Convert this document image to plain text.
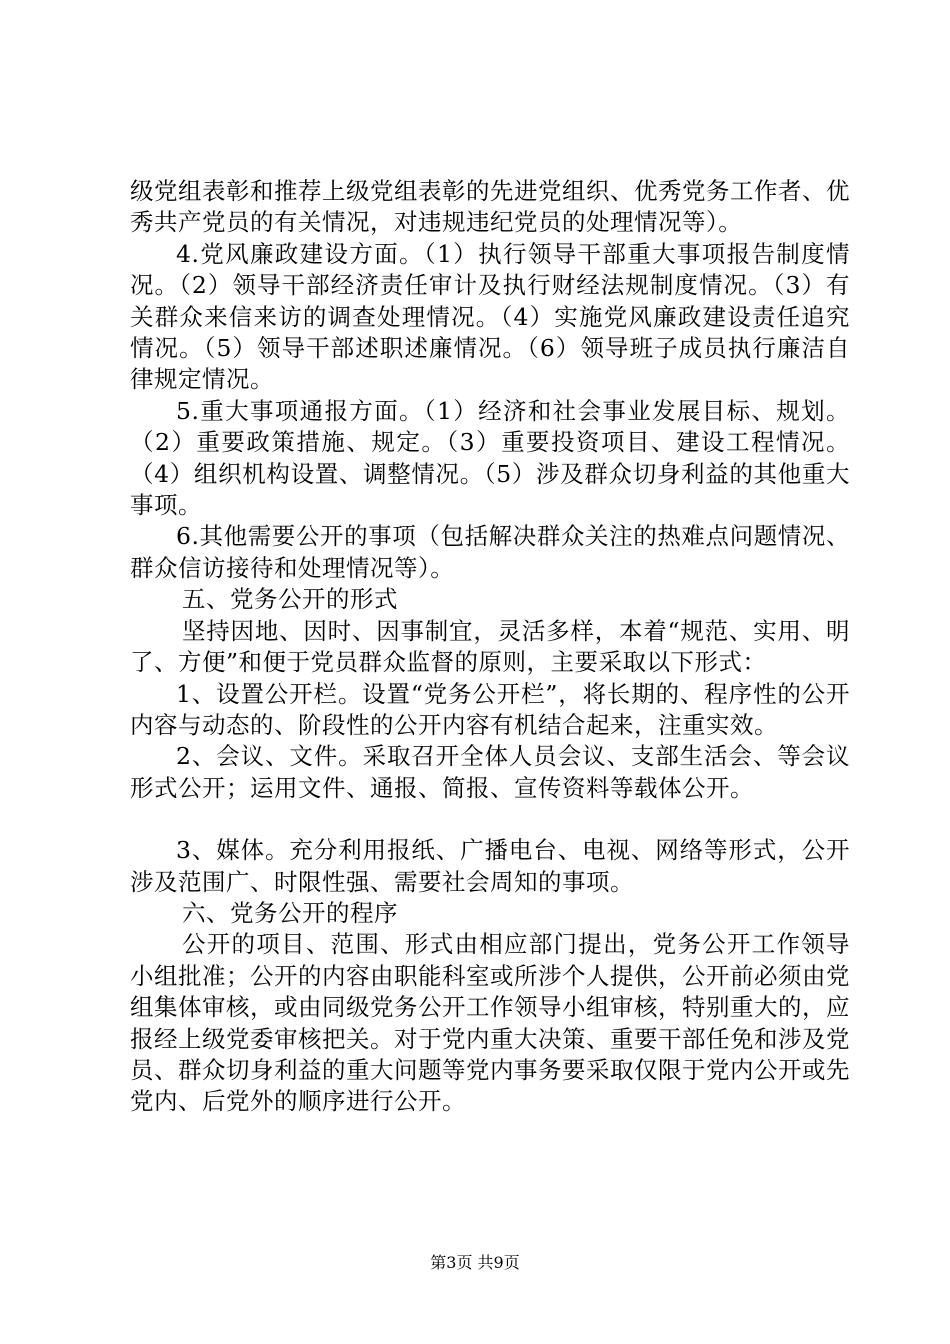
级党组表彰和推荐上级党组表彰的先进党组织、优秀党务工作者、优秀共产党员的有关情况，对违规违纪党员的处理情况等）。

4.党风廉政建设方面。（1）执行领导干部重大事项报告制度情况。（2）领导干部经济责任审计及执行财经法规制度情况。（3）有关群众来信来访的调查处理情况。（4）实施党风廉政建设责任追究情况。（5）领导干部述职述廉情况。（6）领导班子成员执行廉洁自律规定情况。

5.重大事项通报方面。（1）经济和社会事业发展目标、规划。（2）重要政策措施、规定。（3）重要投资项目、建设工程情况。（4）组织机构设置、调整情况。（5）涉及群众切身利益的其他重大事项。

6.其他需要公开的事项（包括解决群众关注的热难点问题情况、群众信访接待和处理情况等）。

五、党务公开的形式

坚持因地、因时、因事制宜，灵活多样，本着“规范、实用、明了、方便”和便于党员群众监督的原则，主要采取以下形式：

1、设置公开栏。设置“党务公开栏”，将长期的、程序性的公开内容与动态的、阶段性的公开内容有机结合起来，注重实效。

2、会议、文件。采取召开全体人员会议、支部生活会、等会议形式公开；运用文件、通报、简报、宣传资料等载体公开。

3、媒体。充分利用报纸、广播电台、电视、网络等形式，公开涉及范围广、时限性强、需要社会周知的事项。

六、党务公开的程序

公开的项目、范围、形式由相应部门提出，党务公开工作领导小组批准；公开的内容由职能科室或所涉个人提供，公开前必须由党组集体审核，或由同级党务公开工作领导小组审核，特别重大的，应报经上级党委审核把关。对于党内重大决策、重要干部任免和涉及党员、群众切身利益的重大问题等党内事务要采取仅限于党内公开或先党内、后党外的顺序进行公开。

第3页 共9页
